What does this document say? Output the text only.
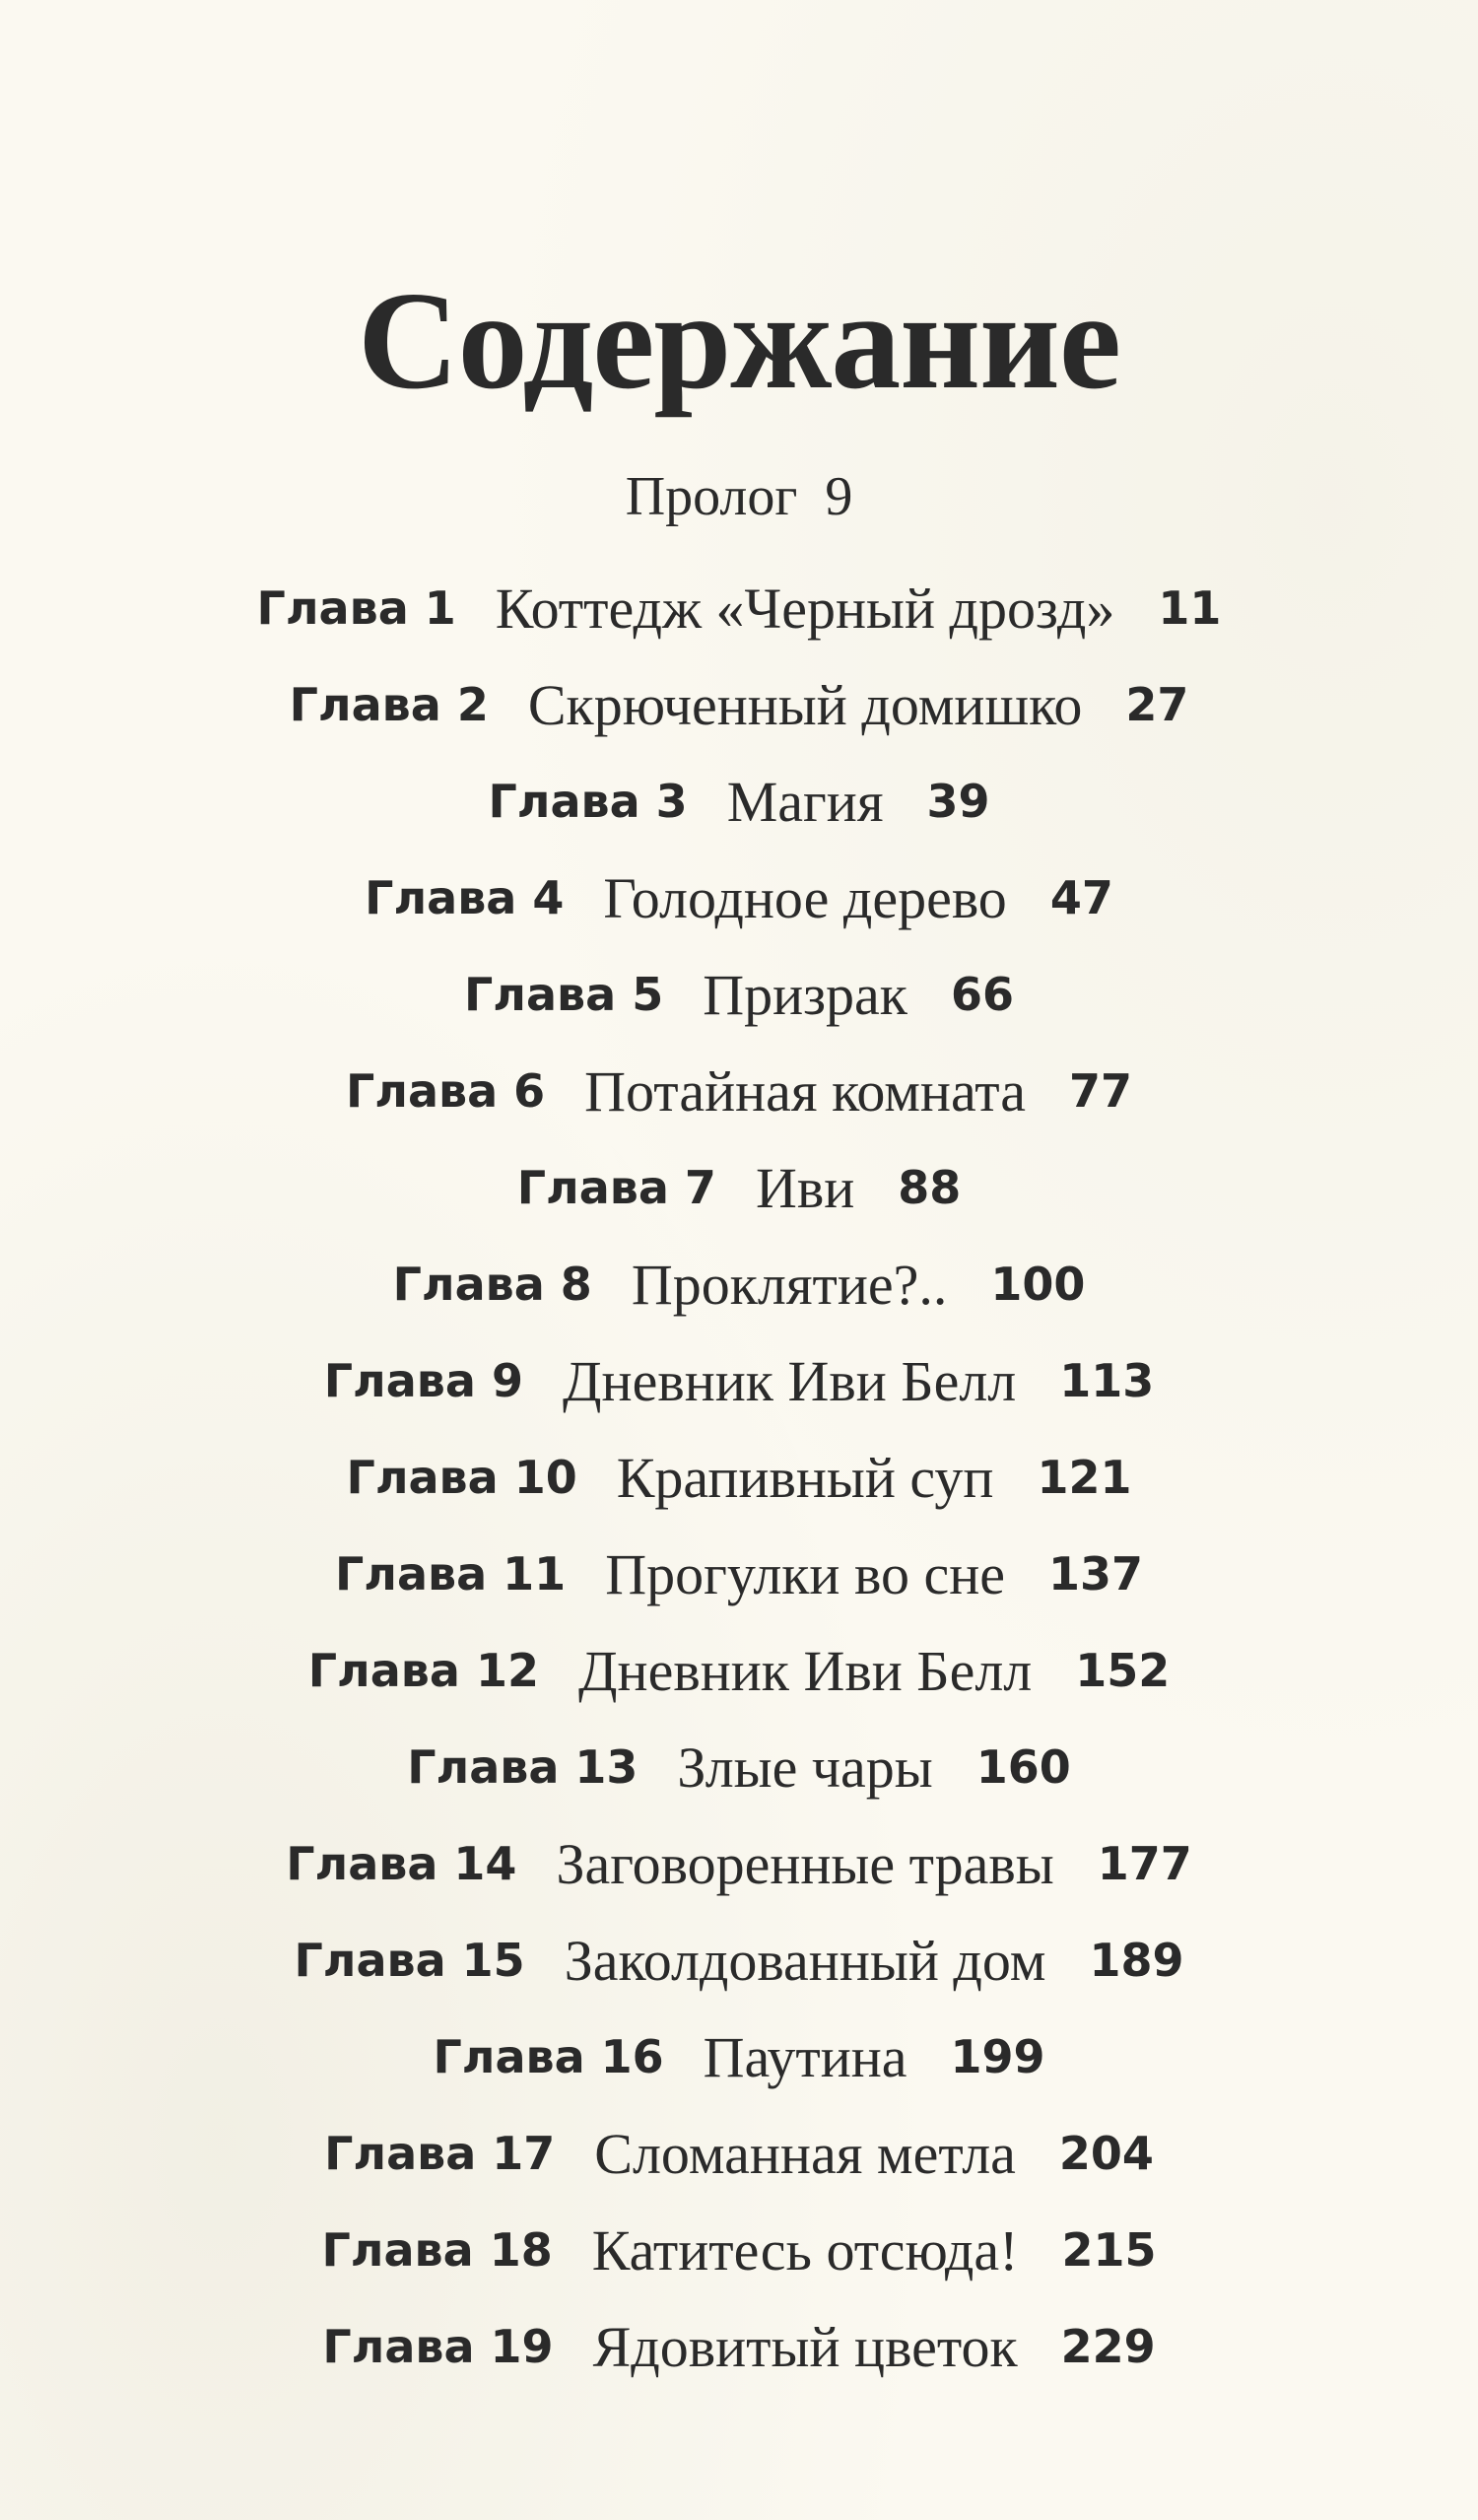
Содержание
Пролог 9
Глава 1 Коттедж «Черный дрозд» 11
Глава 2 Скрюченный домишко 27
Глава 3 Магия 39
Глава 4 Голодное дерево 47
Глава 5 Призрак 66
Глава 6 Потайная комната 77
Глава 7 Иви 88
Глава 8 Проклятие?.. 100
Глава 9 Дневник Иви Белл 113
Глава 10 Крапивный суп 121
Глава 11 Прогулки во сне 137
Глава 12 Дневник Иви Белл 152
Глава 13 Злые чары 160
Глава 14 Заговоренные травы 177
Глава 15 Заколдованный дом 189
Глава 16 Паутина 199
Глава 17 Сломанная метла 204
Глава 18 Катитесь отсюда! 215
Глава 19 Ядовитый цветок 229
